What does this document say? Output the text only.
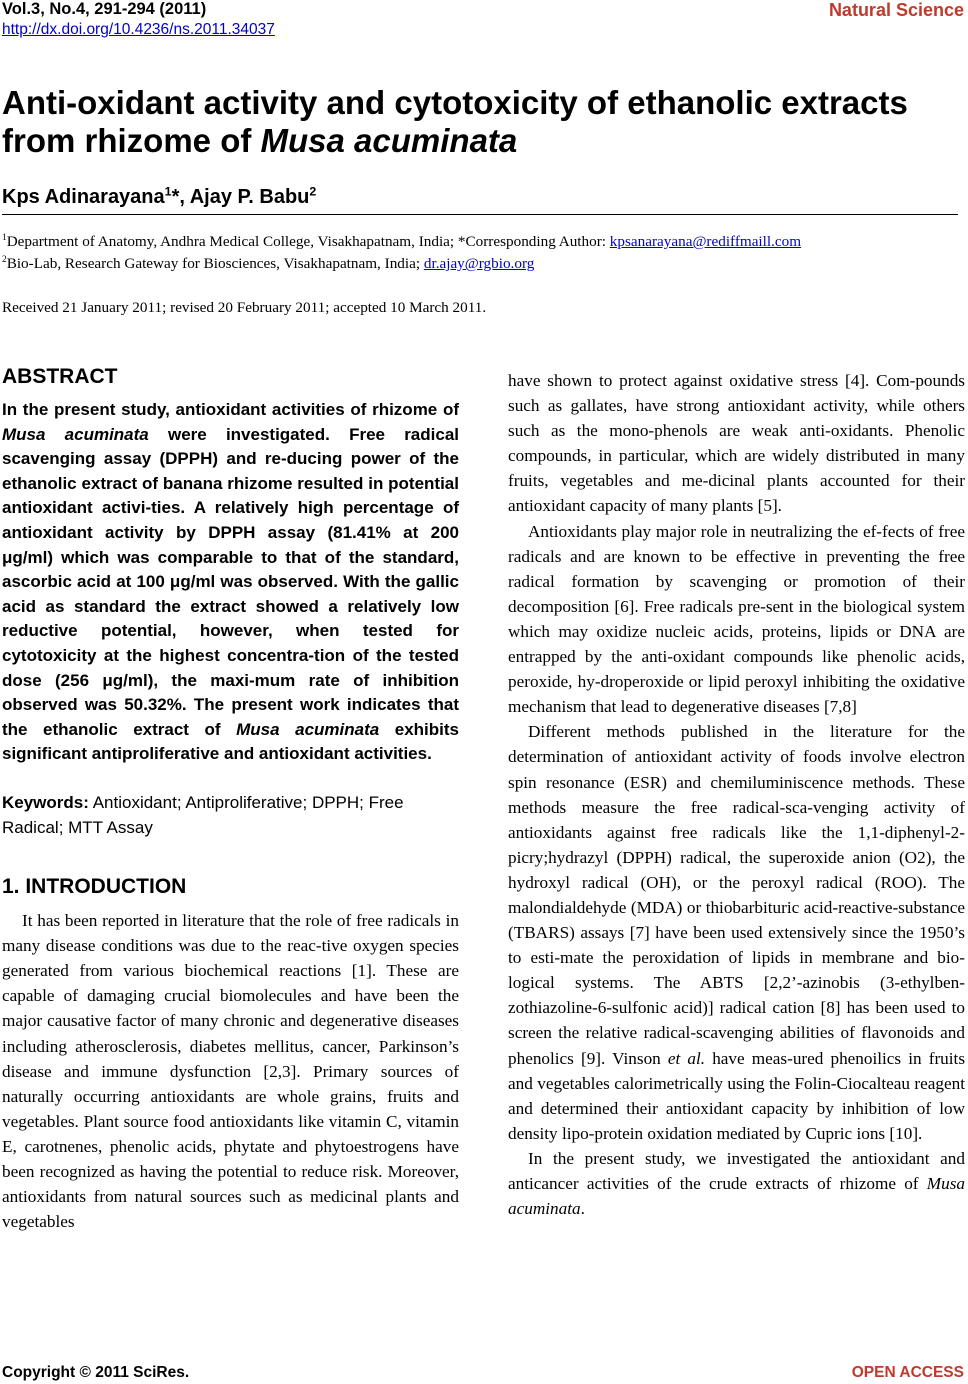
Vol.3, No.4, 291-294 (2011)
http://dx.doi.org/10.4236/ns.2011.34037
Natural Science
Anti-oxidant activity and cytotoxicity of ethanolic extracts from rhizome of Musa acuminata
Kps Adinarayana$^1$*, Ajay P. Babu$^2$
$^1$Department of Anatomy, Andhra Medical College, Visakhapatnam, India; *Corresponding Author: kpsanarayana@rediffmaill.com
$^2$Bio-Lab, Research Gateway for Biosciences, Visakhapatnam, India; dr.ajay@rgbio.org
Received 21 January 2011; revised 20 February 2011; accepted 10 March 2011.
ABSTRACT

In the present study, antioxidant activities of rhizome of Musa acuminata were investigated. Free radical scavenging assay (DPPH) and re-ducing power of the ethanolic extract of banana rhizome resulted in potential antioxidant activi-ties. A relatively high percentage of antioxidant activity by DPPH assay (81.41% at 200 μg/ml) which was comparable to that of the standard, ascorbic acid at 100 μg/ml was observed. With the gallic acid as standard the extract showed a relatively low reductive potential, however, when tested for cytotoxicity at the highest concentra-tion of the tested dose (256 μg/ml), the maxi-mum rate of inhibition observed was 50.32%. The present work indicates that the ethanolic extract of Musa acuminata exhibits significant antiproliferative and antioxidant activities.

Keywords: Antioxidant; Antiproliferative; DPPH; Free Radical; MTT Assay

1. INTRODUCTION

It has been reported in literature that the role of free radicals in many disease conditions was due to the reac-tive oxygen species generated from various biochemical reactions [1]. These are capable of damaging crucial biomolecules and have been the major causative factor of many chronic and degenerative diseases including atherosclerosis, diabetes mellitus, cancer, Parkinson’s disease and immune dysfunction [2,3]. Primary sources of naturally occurring antioxidants are whole grains, fruits and vegetables. Plant source food antioxidants like vitamin C, vitamin E, carotnenes, phenolic acids, phytate and phytoestrogens have been recognized as having the potential to reduce risk. Moreover, antioxidants from natural sources such as medicinal plants and vegetables

have shown to protect against oxidative stress [4]. Com-pounds such as gallates, have strong antioxidant activity, while others such as the mono-phenols are weak anti-oxidants. Phenolic compounds, in particular, which are widely distributed in many fruits, vegetables and me-dicinal plants accounted for their antioxidant capacity of many plants [5].

Antioxidants play major role in neutralizing the ef-fects of free radicals and are known to be effective in preventing the free radical formation by scavenging or promotion of their decomposition [6]. Free radicals pre-sent in the biological system which may oxidize nucleic acids, proteins, lipids or DNA are entrapped by the anti-oxidant compounds like phenolic acids, peroxide, hy-droperoxide or lipid peroxyl inhibiting the oxidative mechanism that lead to degenerative diseases [7,8]

Different methods published in the literature for the determination of antioxidant activity of foods involve electron spin resonance (ESR) and chemiluminiscence methods. These methods measure the free radical-sca-venging activity of antioxidants against free radicals like the 1,1-diphenyl-2-picry;hydrazyl (DPPH) radical, the superoxide anion (O2), the hydroxyl radical (OH), or the peroxyl radical (ROO). The malondialdehyde (MDA) or thiobarbituric acid-reactive-substance (TBARS) assays [7] have been used extensively since the 1950’s to esti-mate the peroxidation of lipids in membrane and bio-logical systems. The ABTS [2,2’-azinobis (3-ethylben-zothiazoline-6-sulfonic acid)] radical cation [8] has been used to screen the relative radical-scavenging abilities of flavonoids and phenolics [9]. Vinson et al. have meas-ured phenoilics in fruits and vegetables calorimetrically using the Folin-Ciocalteau reagent and determined their antioxidant capacity by inhibition of low density lipo-protein oxidation mediated by Cupric ions [10].

In the present study, we investigated the antioxidant and anticancer activities of the crude extracts of rhizome of Musa acuminata.

Copyright © 2011 SciRes.	OPEN ACCESS
